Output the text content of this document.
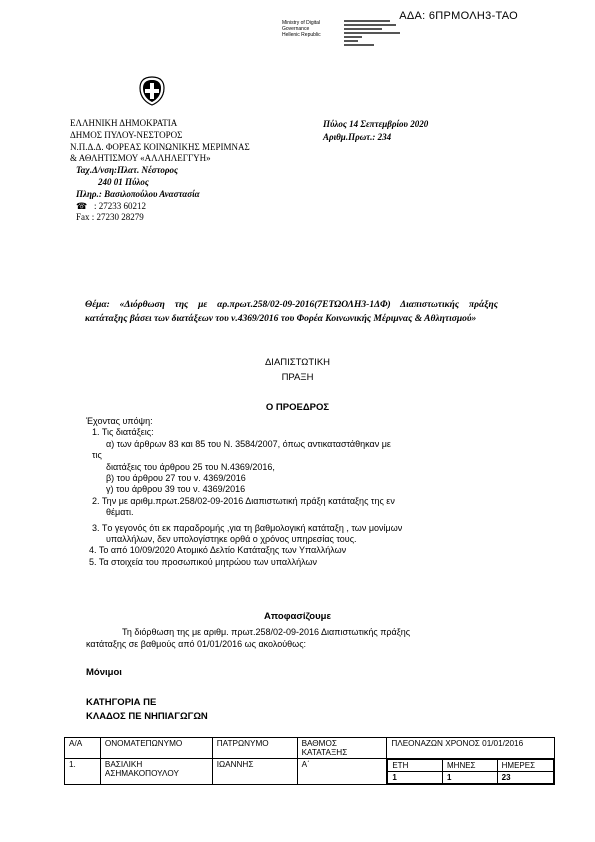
ΑΔΑ: 6ΠΡΜΟΛΗ3-ΤΑΟ
Ministry of Digital
Governance
Hellenic Republic
ΕΛΛΗΝΙΚΗ ΔΗΜΟΚΡΑΤΙΑ
ΔΗΜΟΣ ΠΥΛΟΥ-ΝΕΣΤΟΡΟΣ
Ν.Π.Δ.Δ. ΦΟΡΕΑΣ ΚΟΙΝΩΝΙΚΗΣ ΜΕΡΙΜΝΑΣ
& ΑΘΛΗΤΙΣΜΟΥ «ΑΛΛΗΛΕΓΓΥΗ»
Ταχ.Δ/νση:Πλατ. Νέστορος
240 01 Πύλος
Πληρ.: Βασιλοπούλου Αναστασία
☎ : 27233 60212
Fax : 27230 28279
Πύλος 14 Σεπτεμβρίου 2020
Αριθμ.Πρωτ.: 234
Θέμα: «Διόρθωση της με αρ.πρωτ.258/02-09-2016(7ΕΤΩΟΛΗ3-1ΔΦ) Διαπιστωτικής πράξης κατάταξης βάσει των διατάξεων του ν.4369/2016 του Φορέα Κοινωνικής Μέριμνας & Αθλητισμού»
ΔΙΑΠΙΣΤΩΤΙΚΗ
ΠΡΑΞΗ
Ο ΠΡΟΕΔΡΟΣ
Έχοντας υπόψη:
1. Τις διατάξεις:
α) των άρθρων 83 και 85 του Ν. 3584/2007, όπως αντικαταστάθηκαν με
τις
διατάξεις του άρθρου 25 του Ν.4369/2016,
β) του άρθρου 27 του ν. 4369/2016
γ) του άρθρου 39 του ν. 4369/2016
2. Την με αριθμ.πρωτ.258/02-09-2016 Διαπιστωτική πράξη κατάταξης της εν
θέματι.
3. Τo γεγονός ότι εκ παραδρομής ,για τη βαθμολογική κατάταξη , των μονίμων
υπαλλήλων, δεν υπολογίστηκε ορθά ο χρόνος υπηρεσίας τους.
4. Το από 10/09/2020 Ατομικό Δελτίο Κατάταξης των Υπαλλήλων
5. Τα στοιχεία του προσωπικού μητρώου των υπαλλήλων
Αποφασίζουμε
Τη διόρθωση της με αριθμ. πρωτ.258/02-09-2016 Διαπιστωτικής πράξης
κατάταξης σε βαθμούς από 01/01/2016 ως ακολούθως:
Μόνιμοι
ΚΑΤΗΓΟΡΙΑ ΠΕ
ΚΛΑΔΟΣ ΠΕ ΝΗΠΙΑΓΩΓΩΝ
Α/Α	ΟΝΟΜΑΤΕΠΩΝΥΜΟ	ΠΑΤΡΩΝΥΜΟ	ΒΑΘΜΟΣ ΚΑΤΑΤΑΞΗΣ	ΠΛΕΟΝΑΖΩΝ ΧΡΟΝΟΣ 01/01/2016
1.	ΒΑΣΙΛΙΚΗ ΑΣΗΜΑΚΟΠΟΥΛΟΥ	ΙΩΑΝΝΗΣ	Α΄		ΕΤΗ	ΜΗΝΕΣ	ΗΜΕΡΕΣ
1	1	23
